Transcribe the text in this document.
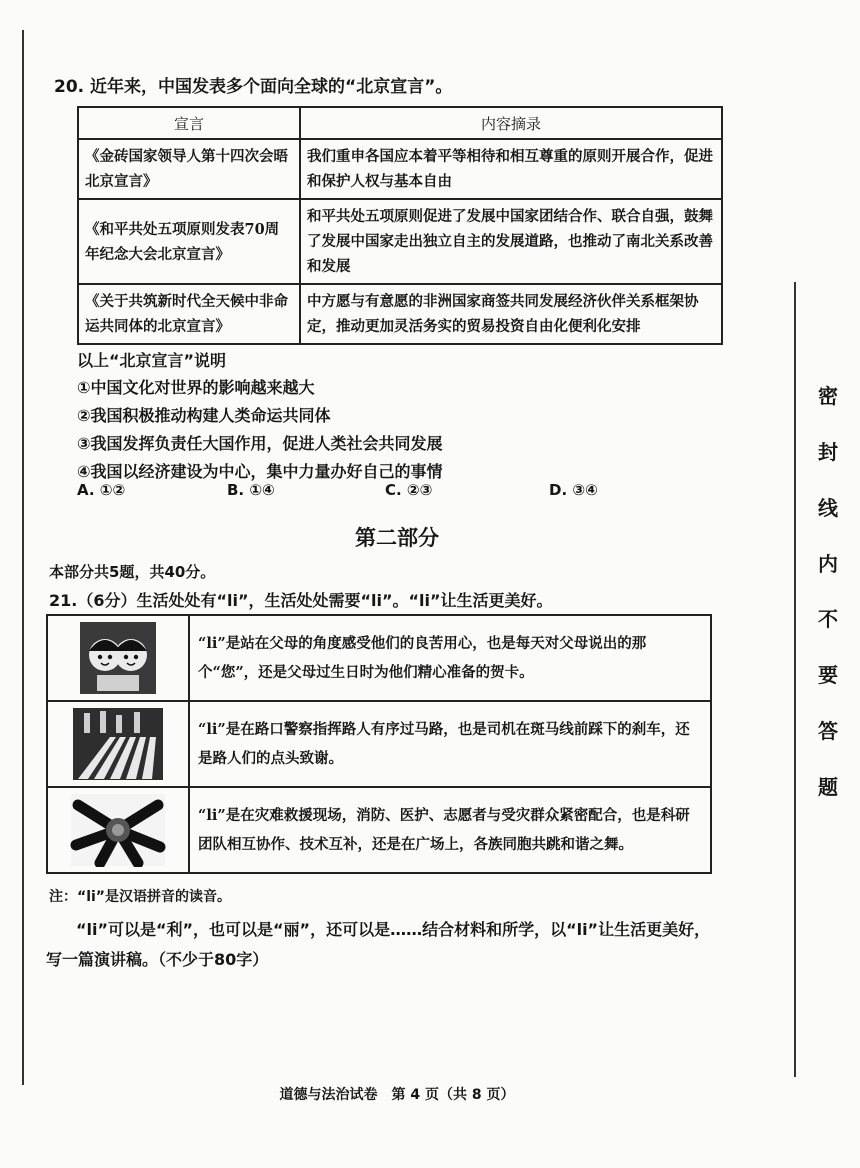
密
封
线
内
不
要
答
题
20. 近年来，中国发表多个面向全球的“北京宣言”。
宣言	内容摘录
《金砖国家领导人第十四次会晤北京宣言》	我们重申各国应本着平等相待和相互尊重的原则开展合作，促进和保护人权与基本自由
《和平共处五项原则发表70周年纪念大会北京宣言》	和平共处五项原则促进了发展中国家团结合作、联合自强，鼓舞了发展中国家走出独立自主的发展道路，也推动了南北关系改善和发展
《关于共筑新时代全天候中非命运共同体的北京宣言》	中方愿与有意愿的非洲国家商签共同发展经济伙伴关系框架协定，推动更加灵活务实的贸易投资自由化便利化安排
以上“北京宣言”说明
①中国文化对世界的影响越来越大
②我国积极推动构建人类命运共同体
③我国发挥负责任大国作用，促进人类社会共同发展
④我国以经济建设为中心，集中力量办好自己的事情
A. ①②	B. ①④	C. ②③	D. ③④
第二部分
本部分共5题，共40分。
21.（6分）生活处处有“li”，生活处处需要“li”。“li”让生活更美好。
	“li”是站在父母的角度感受他们的良苦用心，也是每天对父母说出的那个“您”，还是父母过生日时为他们精心准备的贺卡。

	“li”是在路口警察指挥路人有序过马路，也是司机在斑马线前踩下的刹车，还是路人们的点头致谢。

	“li”是在灾难救援现场，消防、医护、志愿者与受灾群众紧密配合，也是科研团队相互协作、技术互补，还是在广场上，各族同胞共跳和谐之舞。
注：“li”是汉语拼音的读音。
“li”可以是“利”，也可以是“丽”，还可以是……结合材料和所学，以“li”让生活更美好，写一篇演讲稿。（不少于80字）
道德与法治试卷　第 4 页（共 8 页）
